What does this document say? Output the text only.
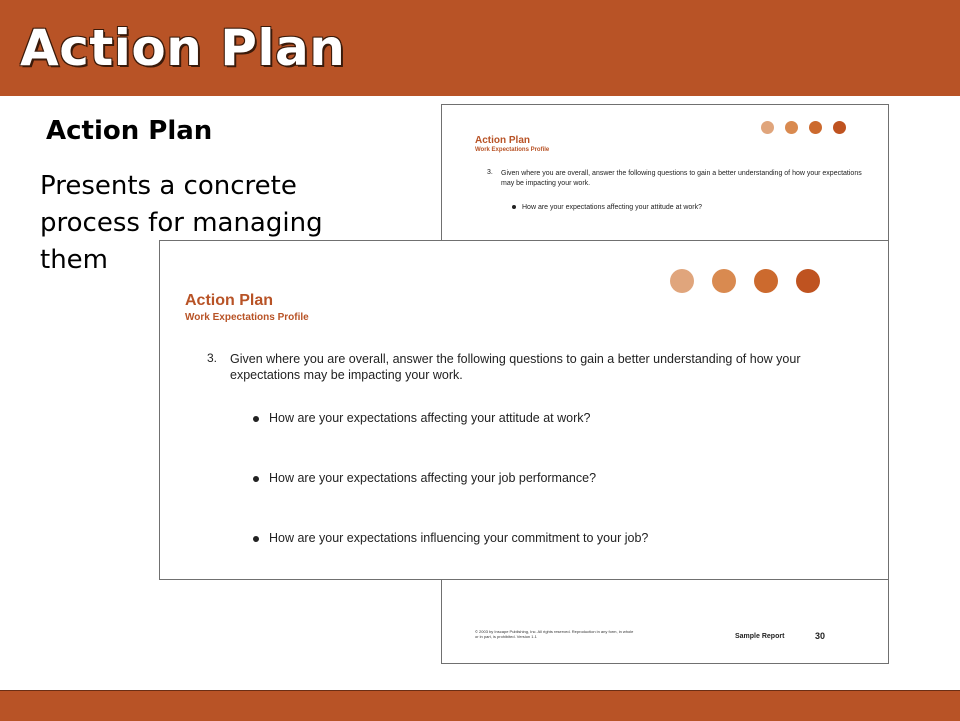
Action Plan
Action Plan
Presents a concrete process for managing them
Action Plan
Work Expectations Profile
3. Given where you are overall, answer the following questions to gain a better understanding of how your expectations may be impacting your work.
How are your expectations affecting your attitude at work?
© 2003 by Inscape Publishing, Inc. All rights reserved. Reproduction in any form, in whole or in part, is prohibited. Version 1.1	Sample Report	30
Action Plan
Work Expectations Profile
3. Given where you are overall, answer the following questions to gain a better understanding of how your expectations may be impacting your work.
How are your expectations affecting your attitude at work?
How are your expectations affecting your job performance?
How are your expectations influencing your commitment to your job?
